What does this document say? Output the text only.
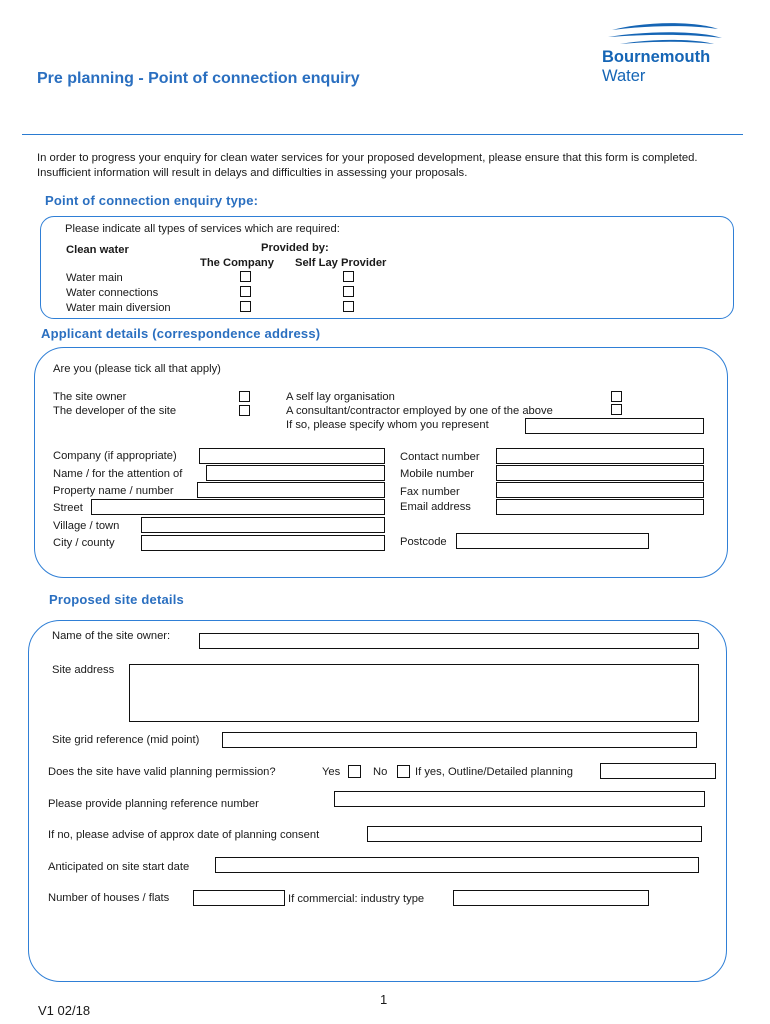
Pre planning - Point of connection enquiry
Bournemouth
Water
In order to progress your enquiry for clean water services for your proposed development, please ensure that this form is completed. Insufficient information will result in delays and difficulties in assessing your proposals.
Point of connection enquiry type:
Please indicate all types of services which are required:
Clean water	Provided by:
The Company Self Lay Provider
Water main
Water connections
Water main diversion
Applicant details (correspondence address)
Are you (please tick all that apply)
The site owner
The developer of the site
A self lay organisation
A consultant/contractor employed by one of the above
If so, please specify whom you represent
Company (if appropriate)
Name / for the attention of
Property name / number
Street
Village / town
City / county
Contact number
Mobile number
Fax number
Email address
Postcode
Proposed site details
Name of the site owner:
Site address
Site grid reference (mid point)
Does the site have valid planning permission?	Yes	No If yes, Outline/Detailed planning
Please provide planning reference number
If no, please advise of approx date of planning consent
Anticipated on site start date
Number of houses / flats	If commercial: industry type
1
V1 02/18
